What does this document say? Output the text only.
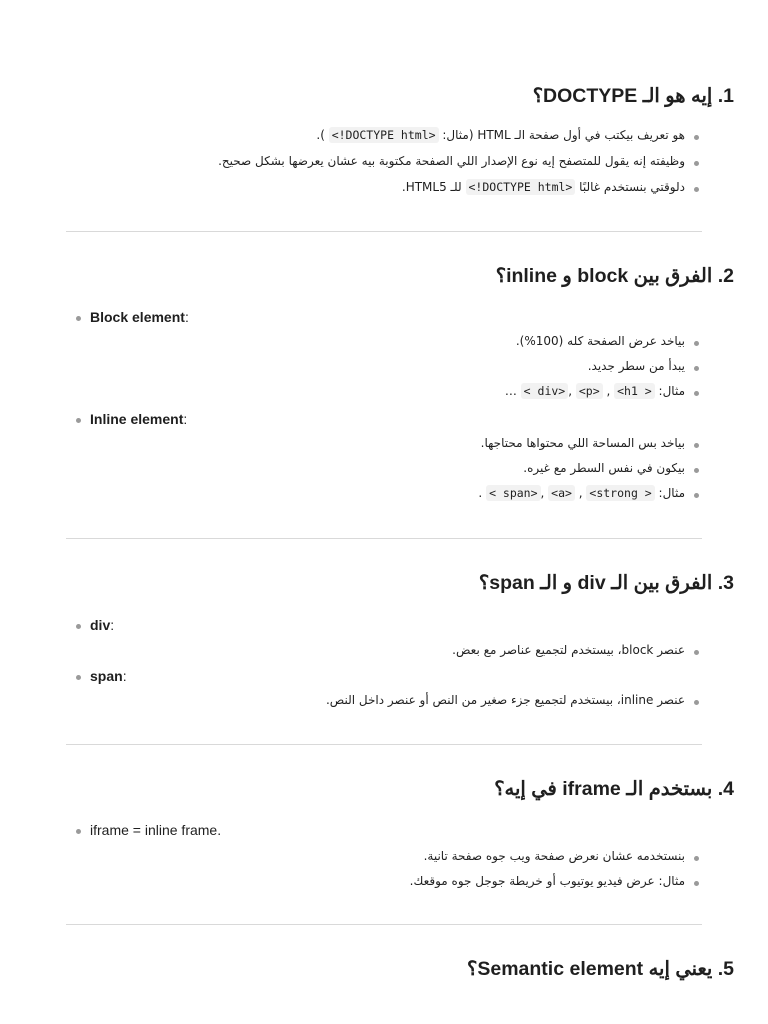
1. إيه هو الـ DOCTYPE؟
هو تعريف بيكتب في أول صفحة الـ HTML (مثال: <!DOCTYPE html> ).
وظيفته إنه يقول للمتصفح إيه نوع الإصدار اللي الصفحة مكتوبة بيه عشان يعرضها بشكل صحيح.
دلوقتي بنستخدم غالبًا <!DOCTYPE html> للـ HTML5.
2. الفرق بين block و inline؟
Block element:
بياخد عرض الصفحة كله (100%).
يبدأ من سطر جديد.
مثال: < div> , <p> , <h1 > …
Inline element:
بياخد بس المساحة اللي محتواها محتاجها.
بيكون في نفس السطر مع غيره.
مثال: < span> , <a> , <strong > .
3. الفرق بين الـ div و الـ span؟
div:
عنصر block، بيستخدم لتجميع عناصر مع بعض.
span:
عنصر inline، بيستخدم لتجميع جزء صغير من النص أو عنصر داخل النص.
4. بستخدم الـ iframe في إيه؟
iframe = inline frame.
بنستخدمه عشان نعرض صفحة ويب جوه صفحة تانية.
مثال: عرض فيديو يوتيوب أو خريطة جوجل جوه موقعك.
5. يعني إيه Semantic element؟
